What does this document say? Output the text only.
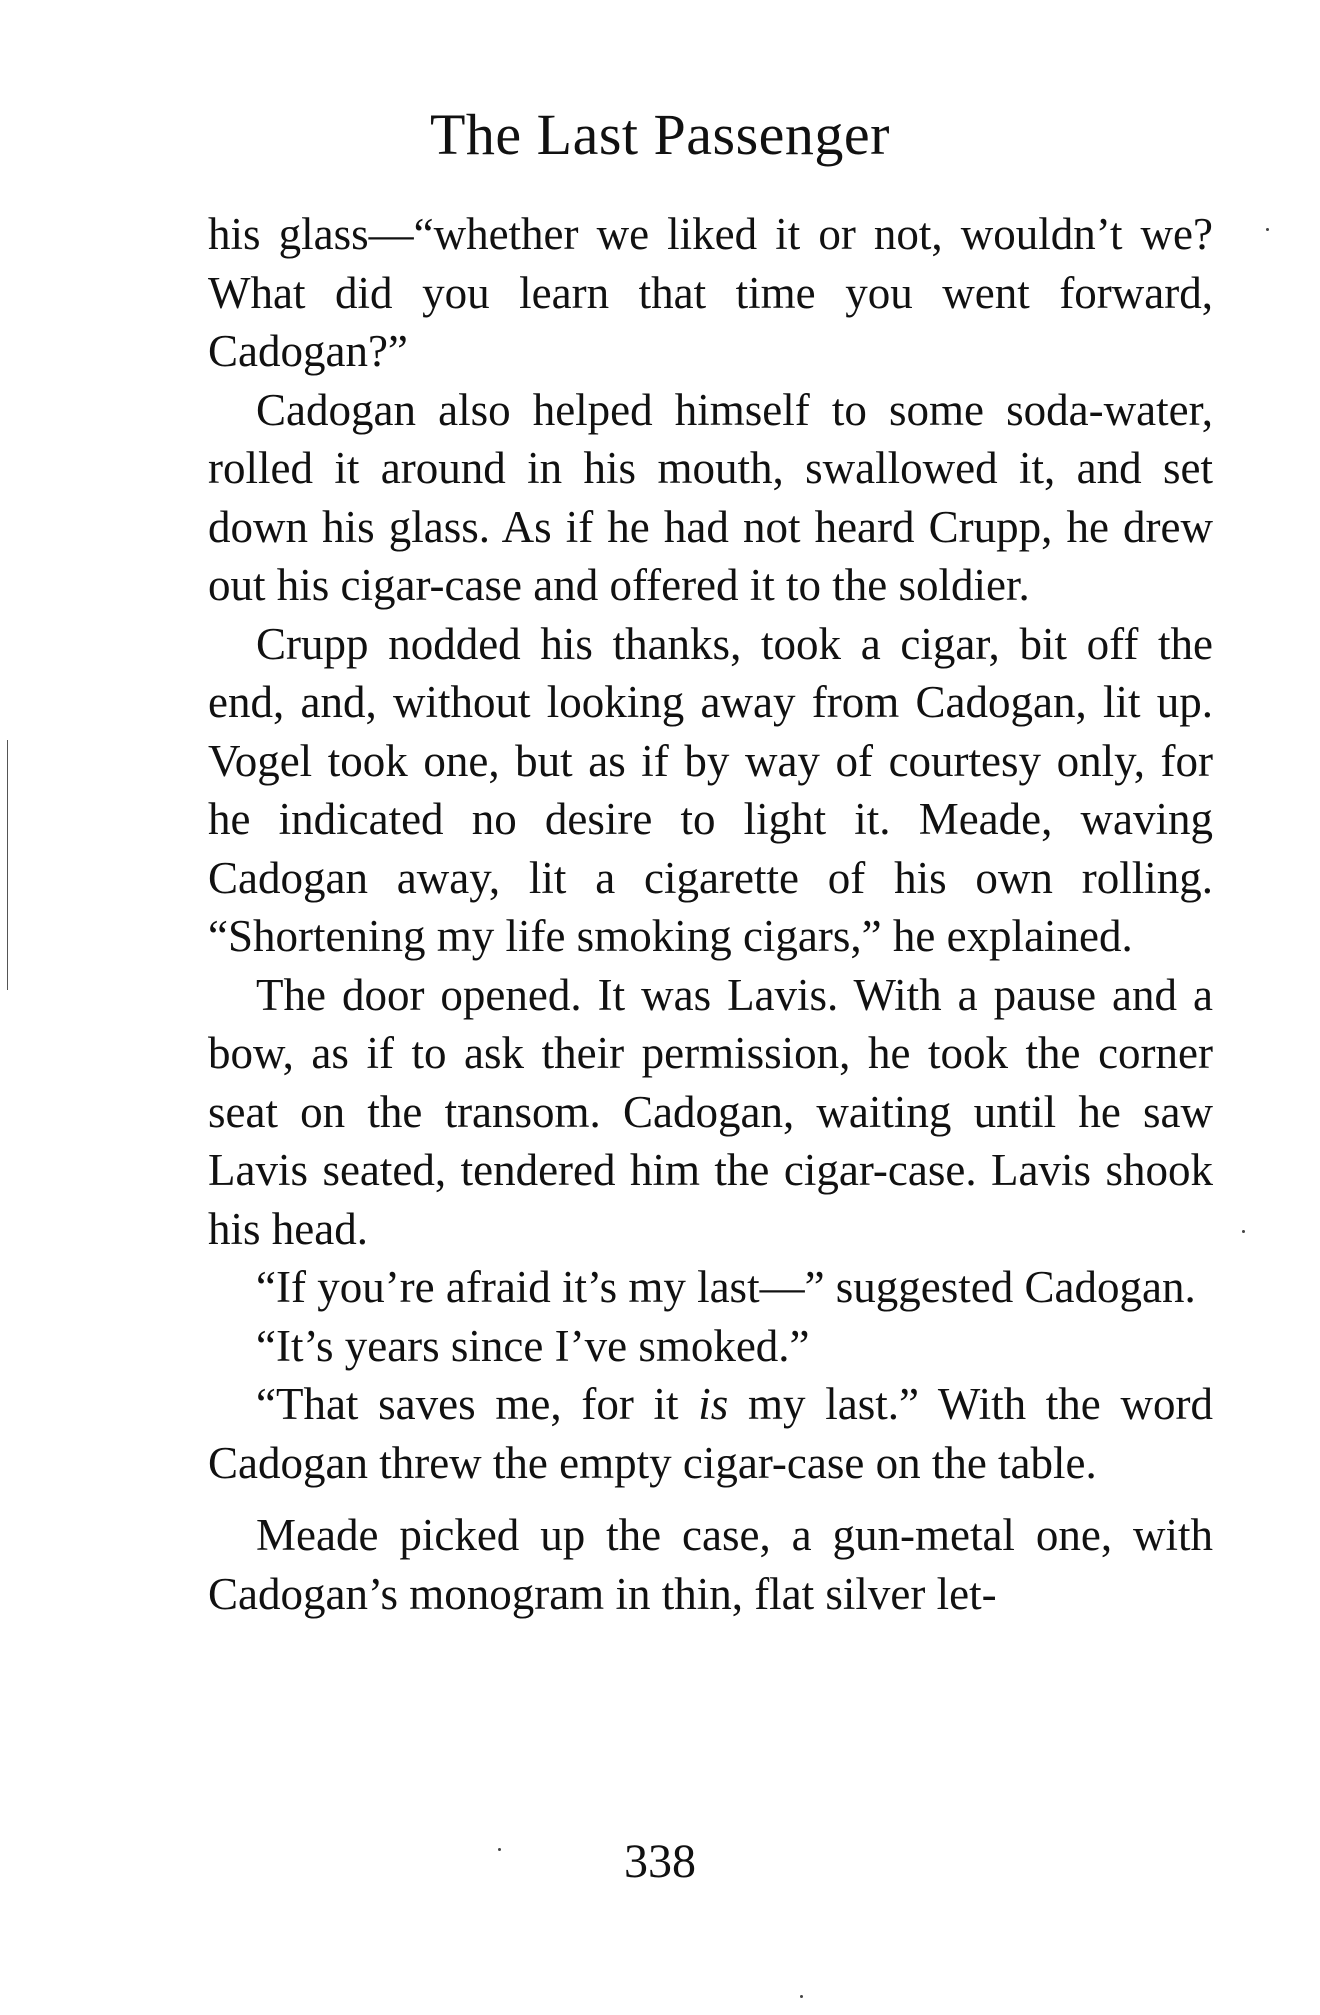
The Last Passenger

his glass—“whether we liked it or not, wouldn’t we? What did you learn that time you went forward, Cadogan?”

Cadogan also helped himself to some soda-water, rolled it around in his mouth, swallowed it, and set down his glass. As if he had not heard Crupp, he drew out his cigar-case and offered it to the soldier.

Crupp nodded his thanks, took a cigar, bit off the end, and, without looking away from Cadogan, lit up. Vogel took one, but as if by way of courtesy only, for he indicated no desire to light it. Meade, waving Cadogan away, lit a cigarette of his own rolling. “Shortening my life smoking cigars,” he explained.

The door opened. It was Lavis. With a pause and a bow, as if to ask their permission, he took the corner seat on the transom. Cadogan, waiting until he saw Lavis seated, tendered him the cigar-case. Lavis shook his head.

“If you’re afraid it’s my last—” suggested Cadogan.

“It’s years since I’ve smoked.”

“That saves me, for it is my last.” With the word Cadogan threw the empty cigar-case on the table.

Meade picked up the case, a gun-metal one, with Cadogan’s monogram in thin, flat silver let-

338
